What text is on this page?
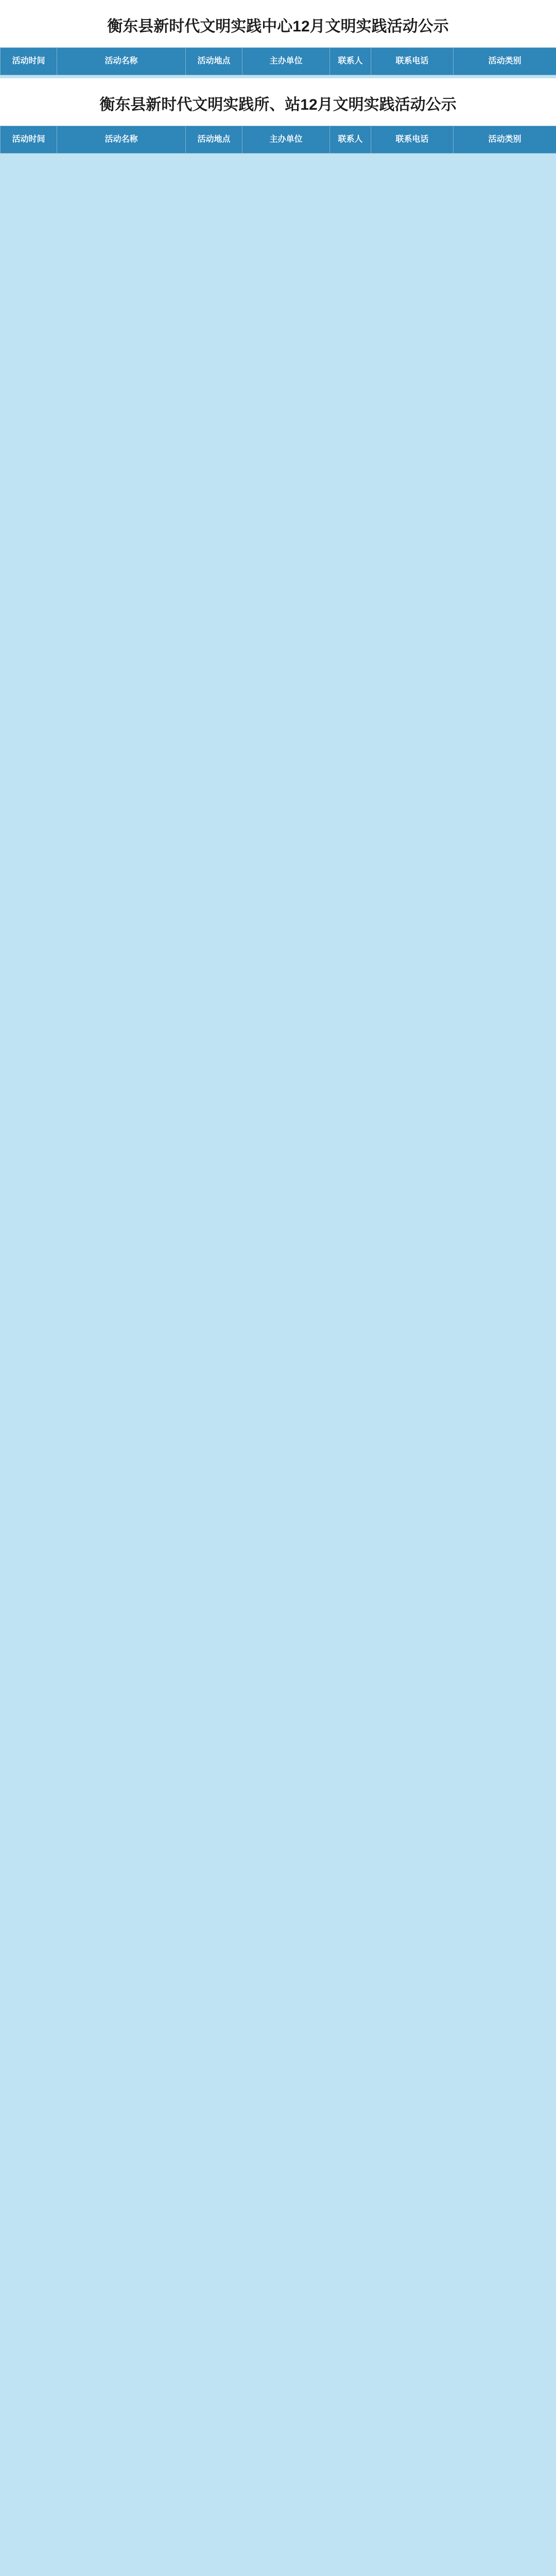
衡东县新时代文明实践中心12月文明实践活动公示
活动时间	活动名称	活动地点	主办单位	联系人	联系电话	活动类别
衡东县新时代文明实践所、站12月文明实践活动公示
活动时间	活动名称	活动地点	主办单位	联系人	联系电话	活动类别
